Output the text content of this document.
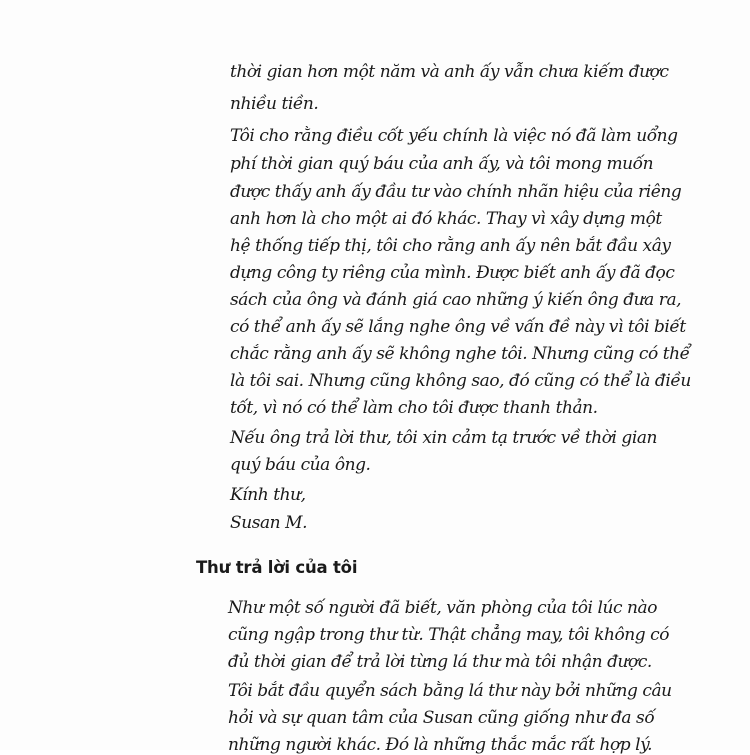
thời gian hơn một năm và anh ấy vẫn chưa kiếm được
nhiều tiền.
Tôi cho rằng điều cốt yếu chính là việc nó đã làm uổng
phí thời gian quý báu của anh ấy, và tôi mong muốn
được thấy anh ấy đầu tư vào chính nhãn hiệu của riêng
anh hơn là cho một ai đó khác. Thay vì xây dựng một
hệ thống tiếp thị, tôi cho rằng anh ấy nên bắt đầu xây
dựng công ty riêng của mình. Được biết anh ấy đã đọc
sách của ông và đánh giá cao những ý kiến ông đưa ra,
có thể anh ấy sẽ lắng nghe ông về vấn đề này vì tôi biết
chắc rằng anh ấy sẽ không nghe tôi. Nhưng cũng có thể
là tôi sai. Nhưng cũng không sao, đó cũng có thể là điều
tốt, vì nó có thể làm cho tôi được thanh thản.
Nếu ông trả lời thư, tôi xin cảm tạ trước về thời gian
quý báu của ông.
Kính thư,
Susan M.
Thư trả lời của tôi
Như một số người đã biết, văn phòng của tôi lúc nào
cũng ngập trong thư từ. Thật chẳng may, tôi không có
đủ thời gian để trả lời từng lá thư mà tôi nhận được.
Tôi bắt đầu quyển sách bằng lá thư này bởi những câu
hỏi và sự quan tâm của Susan cũng giống như đa số
những người khác. Đó là những thắc mắc rất hợp lý.
